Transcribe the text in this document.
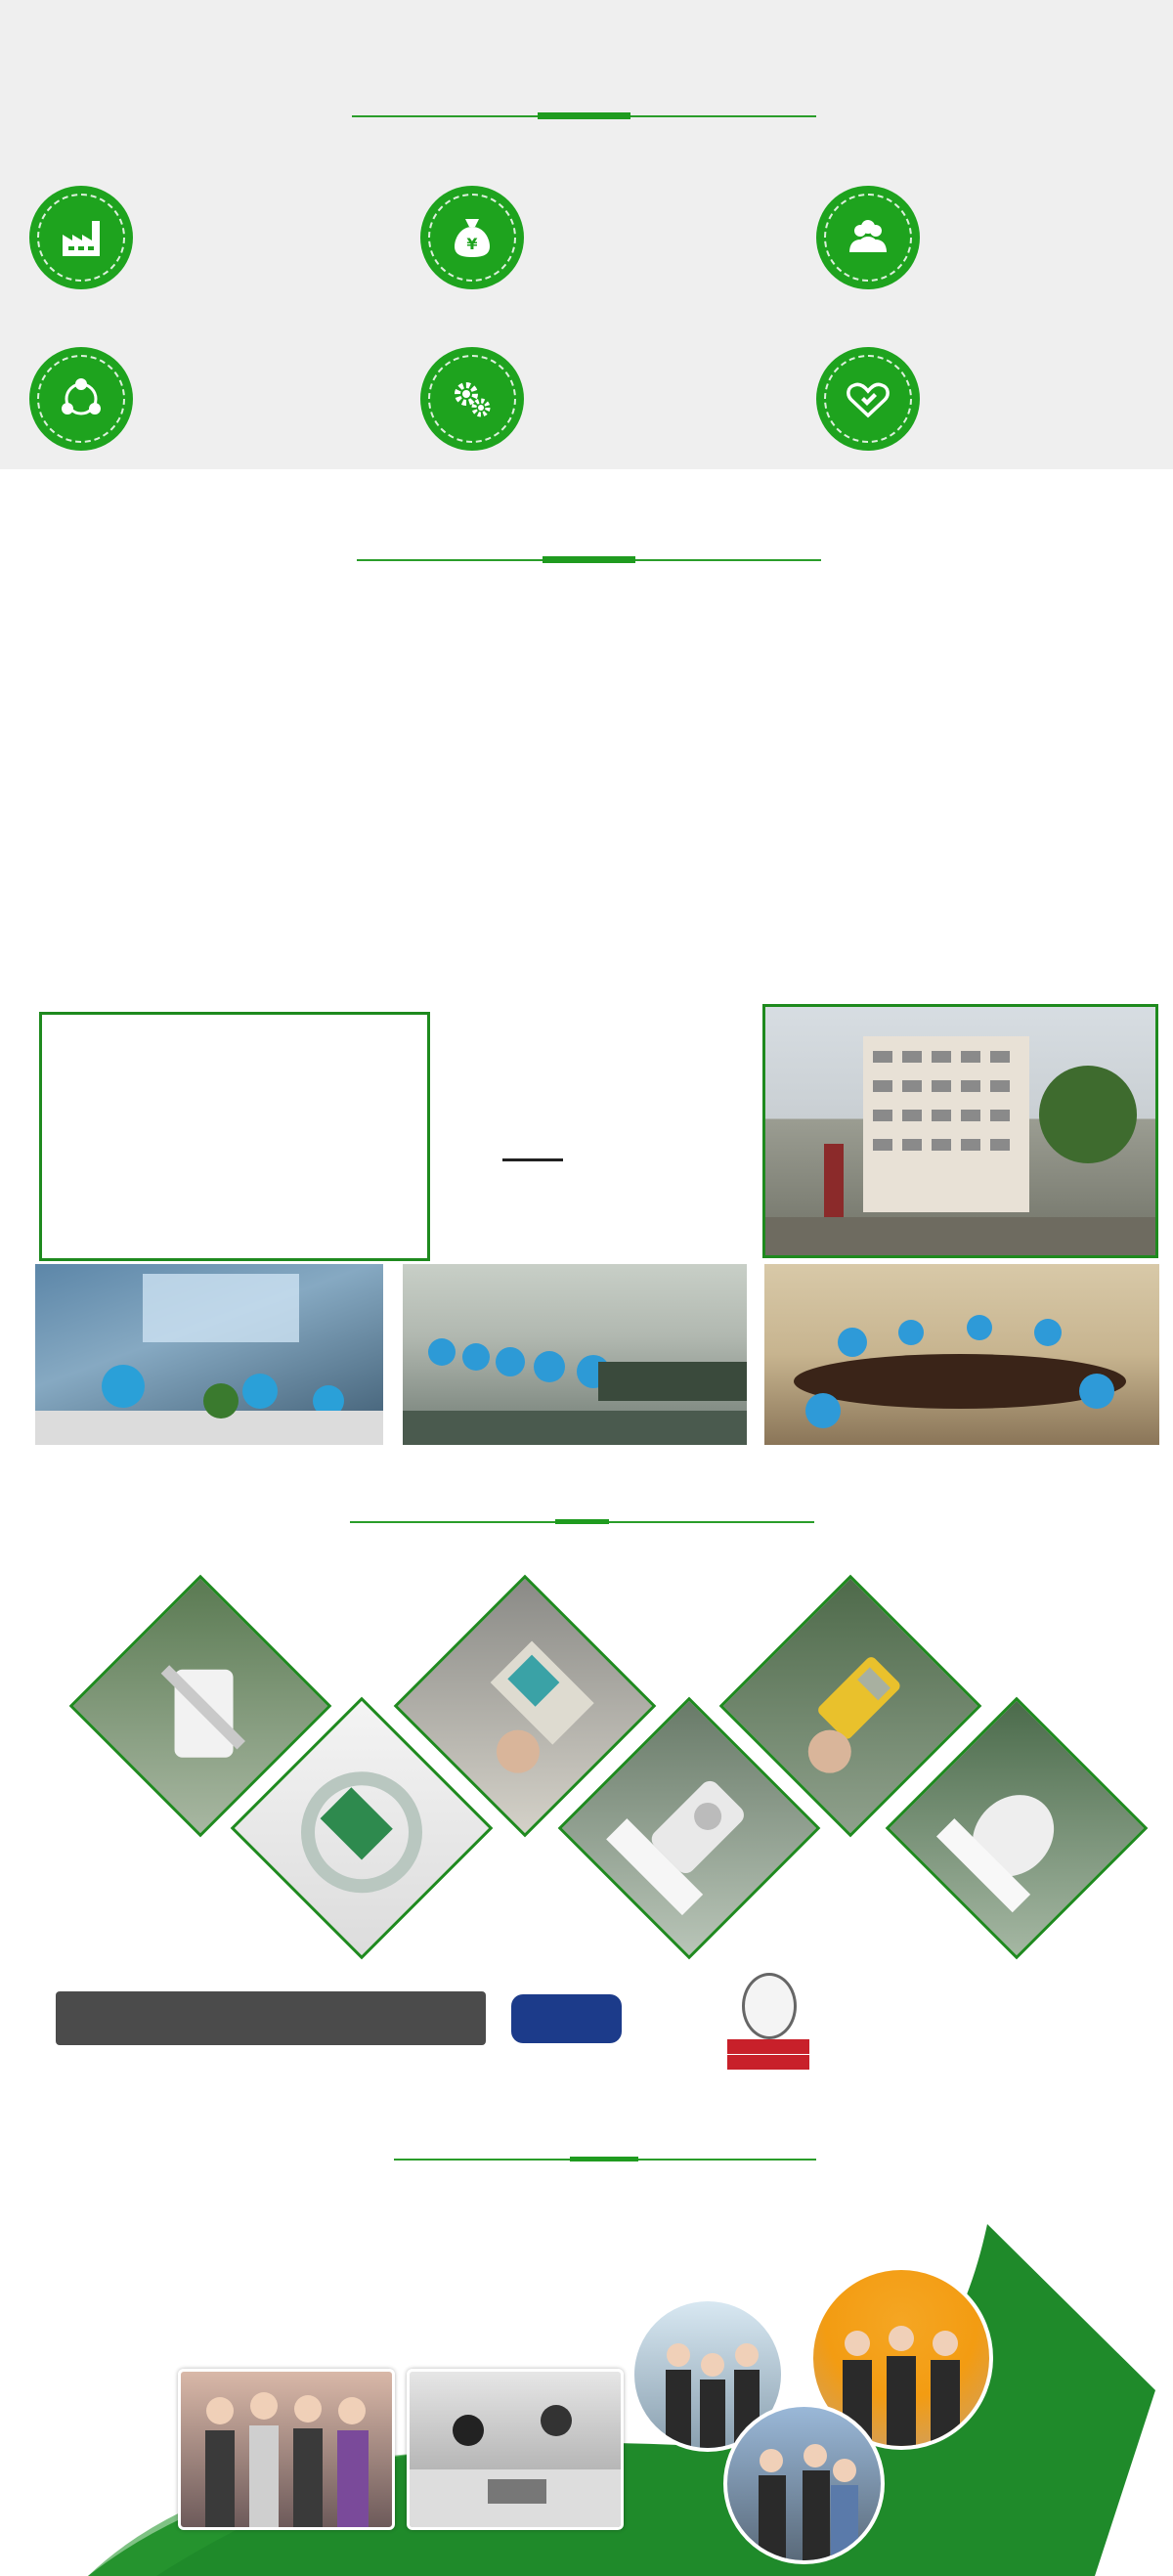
¥
